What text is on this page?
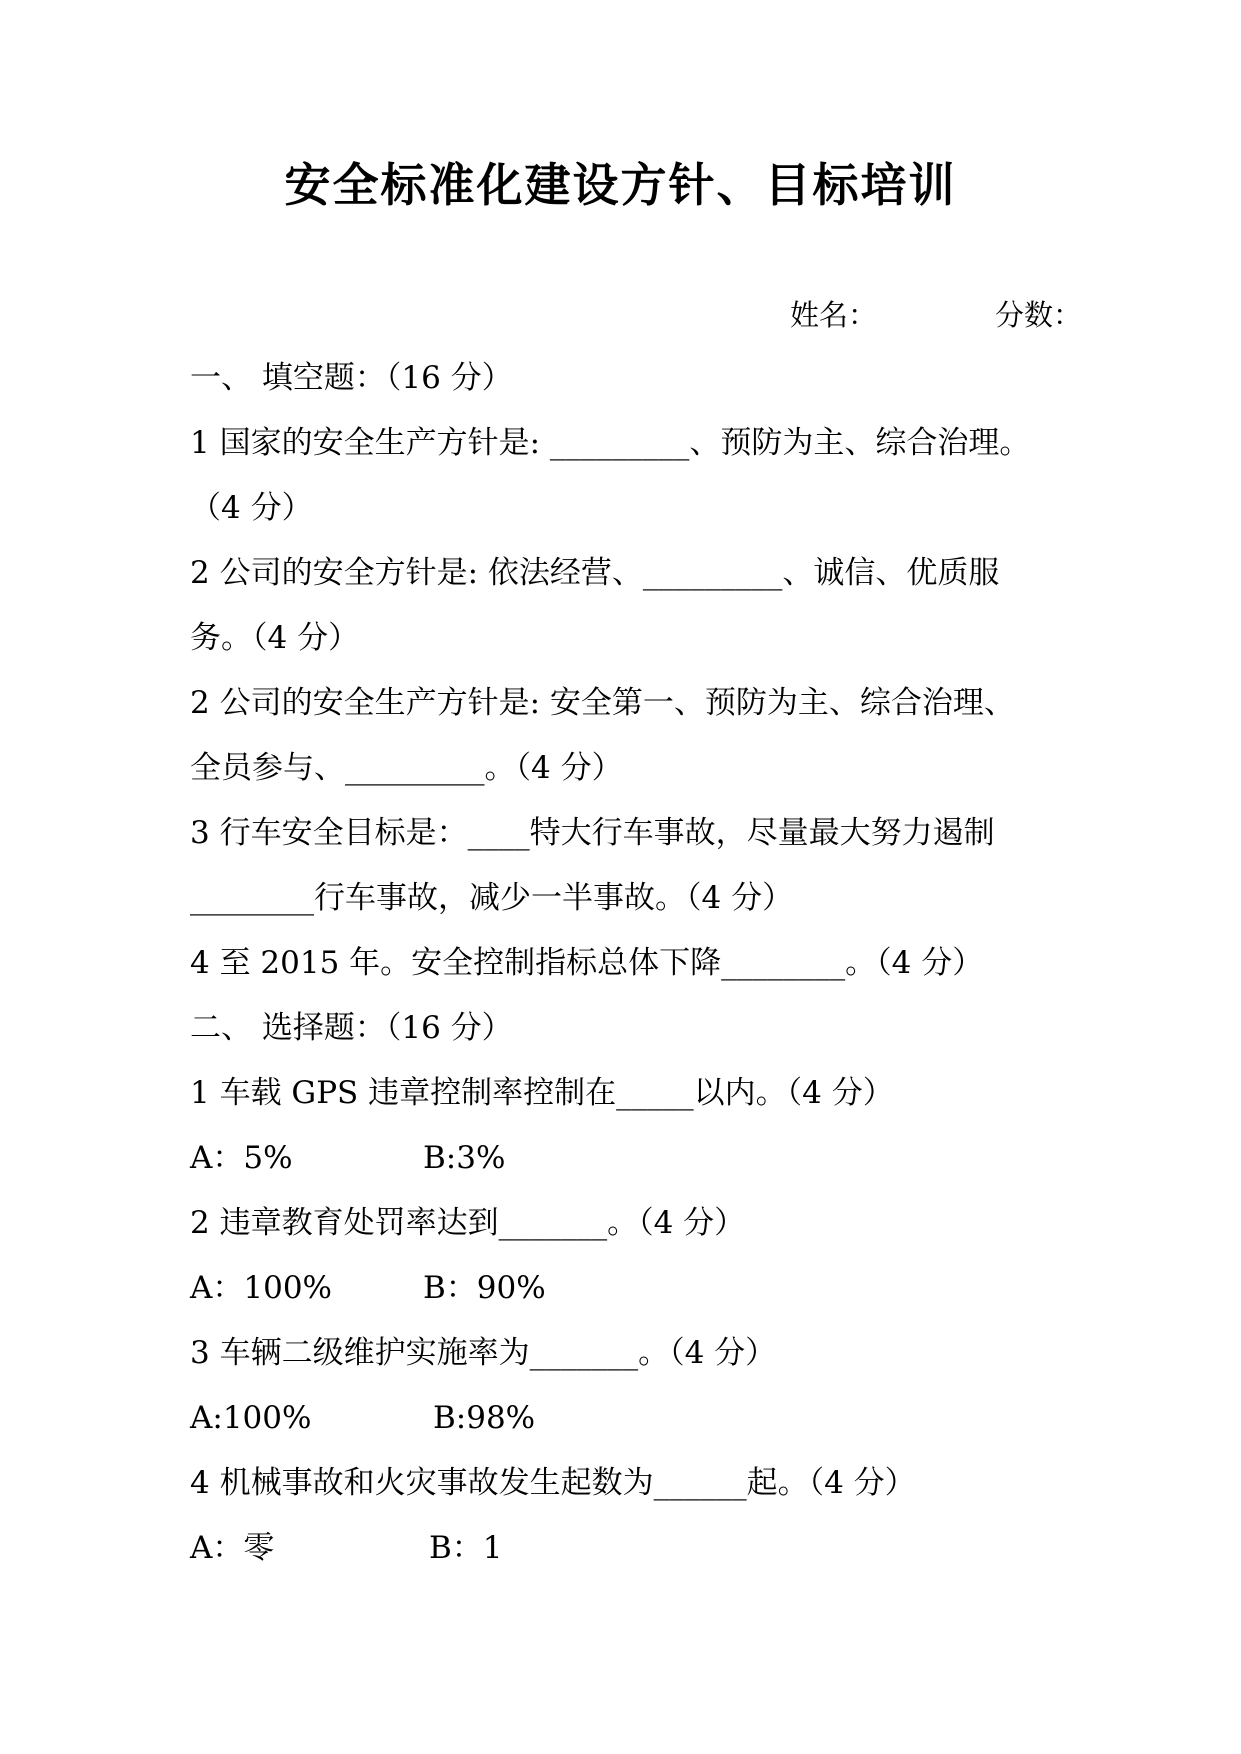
安全标准化建设方针、目标培训
姓名：	分数：
一、 填空题：（16 分）
1 国家的安全生产方针是: _________、预防为主、综合治理。
（4 分）
2 公司的安全方针是: 依法经营、_________、诚信、优质服
务。（4 分）
2 公司的安全生产方针是: 安全第一、预防为主、综合治理、
全员参与、_________。（4 分）
3 行车安全目标是：____特大行车事故，尽量最大努力遏制
________行车事故，减少一半事故。（4 分）
4 至 2015 年。安全控制指标总体下降________。（4 分）
二、 选择题：（16 分）
1 车载 GPS 违章控制率控制在_____以内。（4 分）
A：5%	B:3%
2 违章教育处罚率达到_______。（4 分）
A：100%	B：90%
3 车辆二级维护实施率为_______。（4 分）
A:100%	B:98%
4 机械事故和火灾事故发生起数为______起。（4 分）
A：零	B：1
